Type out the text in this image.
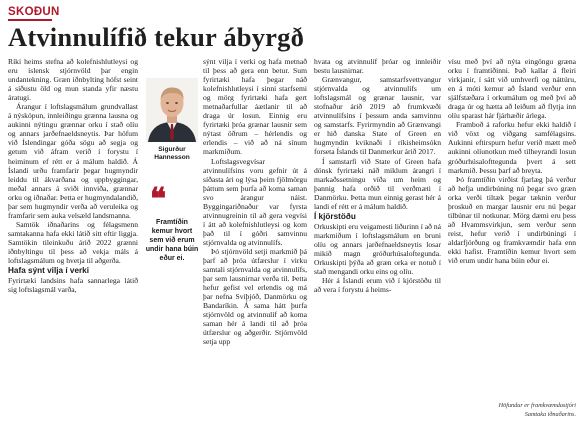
SKOÐUN
Atvinnulífið tekur ábyrgð

Ríki heims stefna að kolefnishlutleysi og eru íslensk stjórnvöld þar engin undantekning. Græn iðnbylting hófst seint á síðustu öld og mun standa yfir næstu áratugi.

Árangur í loftslagsmálum grundvallast á nýsköpun, innleiðingu grænna lausna og aukinni nýtingu grænnar orku í stað olíu og annars jarðefnaeldsneytis. Þar höfum við Íslendingar góða sögu að segja og getum við áfram verið í forystu í heiminum ef rétt er á málum haldið. Á Íslandi urðu framfarir þegar hugmyndir leiddu til ákvarðana og uppbyggingar, meðal annars á sviði innviða, grænnar orku og iðnaðar. Þetta er hugmyndalandið, þar sem hugmyndir verða að veruleika og framfarir sem auka velsæld landsmanna.

Samtök iðnaðarins og félagsmenn samtakanna hafa ekki látið sitt eftir liggja. Samtökin tileinkuðu árið 2022 grænni iðnbyltingu til þess að vekja máls á loftslagsmálum og hvetja til aðgerða.

Hafa sýnt vilja í verki

Fyrirtæki landsins hafa sannarlega látið sig loftslagsmál varða,

Sigurður
Hannesson
❝
Framtíðin kemur hvort sem við erum undir hana búin eður ei.

sýnt vilja í verki og hafa metnað til þess að gera enn betur. Sum fyrirtæki hafa þegar náð kolefnishlutleysi í sinni starfsemi og mörg fyrirtæki hafa gert metnaðarfullar áætlanir til að draga úr losun. Einnig eru fyrirtæki þróa grænar lausnir sem nýtast öðrum – hérlendis og erlendis – við að ná sínum markmiðum.

Loftslagsvegvísar atvinnulífsins voru gefnir út á síðasta ári og lýsa þeim fjölmörgu þáttum sem þurfa að koma saman svo árangur náist. Byggingariðnaður var fyrsta atvinnugreinin til að gera vegvísi í átt að kolefnishlutleysi og kom það til í góðri samvinnu stjórnvalda og atvinnulífs.

Þó stjórnvöld setji markmið þá þarf að þróa útfærslur í virku samtali stjórnvalda og atvinnulífs, þar sem lausnirnar verða til. Þetta hefur gefist vel erlendis og má þar nefna Svíþjóð, Danmörku og Bandaríkin. Á sama hátt þurfa stjórnvöld og atvinnulíf að koma saman hér á landi til að þróa útfærslur og aðgerðir. Stjórnvöld setja upp

hvata og atvinnulíf þróar og innleiðir bestu lausnirnar.

Grænvangur, samstarfsvettvangur stjórnvalda og atvinnulífs um loftslagsmál og grænar lausnir, var stofnaður árið 2019 að frumkvæði atvinnulífsins í þessum anda samvinnu og samstarfs. Fyrirmyndin að Grænvangi er hið danska State of Green en hugmyndin kviknaði í ríkisheimsókn forseta Íslands til Danmerkur árið 2017.

Í samstarfi við State of Green hafa dönsk fyrirtæki náð miklum árangri í markaðssetningu víða um heim og þannig hafa orðið til verðmæti í Danmörku. Þetta mun einnig gerast hér á landi ef rétt er á málum haldið.

Í kjörstöðu

Orkuskipti eru veigamesti liðurinn í að ná markmiðum í loftslagsmálum en bruni olíu og annars jarðefnaeldsneytis losar mikið magn gróðurhúsaloftegunda. Orkuskipti þýða að græn orka er notuð í stað mengandi orku eins og olíu.

Hér á Íslandi erum við í kjörstöðu til að vera í forystu á heims-

vísu með því að nýta eingöngu græna orku í framtíðinni. Það kallar á fleiri virkjanir, í sátt við umhverfi og náttúru, en á móti kemur að Ísland verður enn sjálfstæðara í orkumálum og með því að draga úr og hætta að leiðum að flytja inn olíu sparast hár fjárhæðir árlega.

Framboð á raforku hefur ekki haldið í við vöxt og viðgang samfélagsins. Aukinni eftirspurn hefur verið mætt með aukinni olíunotkun með tilheyrandi losun gróðurhúsalofttegunda þvert á sett markmið. Þessu þarf að breyta.

Þó framtíðin virðist fjarlæg þá verður að hefja undirbúning nú þegar svo græn orka verði tiltæk þegar tæknin verður þroskuð en margar lausnir eru nú þegar tilbúnar til notkunar. Mörg dæmi eru þess að Hvammsvirkjun, sem verður senn reist, hefur verið í undirbúningi í aldarfjórðung og framkvæmdir hafa enn ekki hafist. Framtíðin kemur hvort sem við erum undir hana búin eður ei.

Höfundur er framkvæmdastjóri
Samtaka iðnaðarins.
